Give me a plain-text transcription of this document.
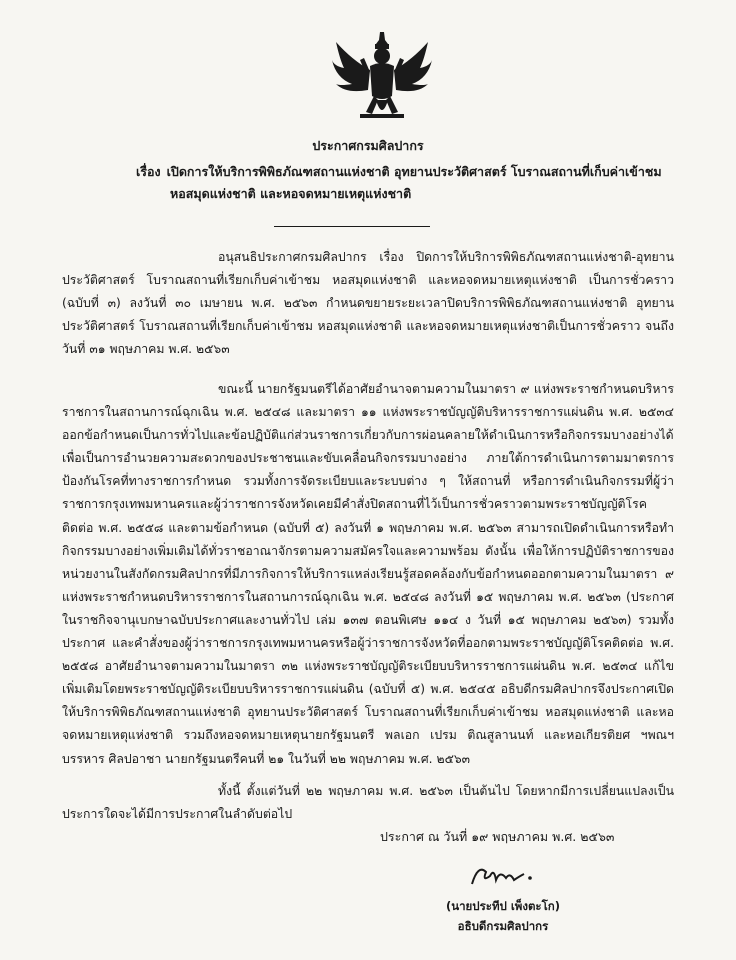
ประกาศกรมศิลปากร
เรื่อง เปิดการให้บริการพิพิธภัณฑสถานแห่งชาติ อุทยานประวัติศาสตร์ โบราณสถานที่เก็บค่าเข้าชม
หอสมุดแห่งชาติ และหอจดหมายเหตุแห่งชาติ
อนุสนธิประกาศกรมศิลปากร เรื่อง ปิดการให้บริการพิพิธภัณฑสถานแห่งชาติ-อุทยานประวัติศาสตร์ โบราณสถานที่เรียกเก็บค่าเข้าชม หอสมุดแห่งชาติ และหอจดหมายเหตุแห่งชาติ เป็นการชั่วคราว (ฉบับที่ ๓) ลงวันที่ ๓๐ เมษายน พ.ศ. ๒๕๖๓ กำหนดขยายระยะเวลาปิดบริการพิพิธภัณฑสถานแห่งชาติ อุทยานประวัติศาสตร์ โบราณสถานที่เรียกเก็บค่าเข้าชม หอสมุดแห่งชาติ และหอจดหมายเหตุแห่งชาติเป็นการชั่วคราว จนถึงวันที่ ๓๑ พฤษภาคม พ.ศ. ๒๕๖๓
ขณะนี้ นายกรัฐมนตรีได้อาศัยอำนาจตามความในมาตรา ๙ แห่งพระราชกำหนดบริหารราชการในสถานการณ์ฉุกเฉิน พ.ศ. ๒๕๔๘ และมาตรา ๑๑ แห่งพระราชบัญญัติบริหารราชการแผ่นดิน พ.ศ. ๒๕๓๔ ออกข้อกำหนดเป็นการทั่วไปและข้อปฏิบัติแก่ส่วนราชการเกี่ยวกับการผ่อนคลายให้ดำเนินการหรือกิจกรรมบางอย่างได้เพื่อเป็นการอำนวยความสะดวกของประชาชนและขับเคลื่อนกิจกรรมบางอย่าง ภายใต้การดำเนินการตามมาตรการป้องกันโรคที่ทางราชการกำหนด รวมทั้งการจัดระเบียบและระบบต่าง ๆ ให้สถานที่ หรือการดำเนินกิจกรรมที่ผู้ว่าราชการกรุงเทพมหานครและผู้ว่าราชการจังหวัดเคยมีคำสั่งปิดสถานที่ไว้เป็นการชั่วคราวตามพระราชบัญญัติโรคติดต่อ พ.ศ. ๒๕๕๘ และตามข้อกำหนด (ฉบับที่ ๕) ลงวันที่ ๑ พฤษภาคม พ.ศ. ๒๕๖๓ สามารถเปิดดำเนินการหรือทำกิจกรรมบางอย่างเพิ่มเติมได้ทั่วราชอาณาจักรตามความสมัครใจและความพร้อม ดังนั้น เพื่อให้การปฏิบัติราชการของหน่วยงานในสังกัดกรมศิลปากรที่มีภารกิจการให้บริการแหล่งเรียนรู้สอดคล้องกับข้อกำหนดออกตามความในมาตรา ๙ แห่งพระราชกำหนดบริหารราชการในสถานการณ์ฉุกเฉิน พ.ศ. ๒๕๔๘ ลงวันที่ ๑๕ พฤษภาคม พ.ศ. ๒๕๖๓ (ประกาศในราชกิจจานุเบกษาฉบับประกาศและงานทั่วไป เล่ม ๑๓๗ ตอนพิเศษ ๑๑๔ ง วันที่ ๑๕ พฤษภาคม ๒๕๖๓) รวมทั้งประกาศ และคำสั่งของผู้ว่าราชการกรุงเทพมหานครหรือผู้ว่าราชการจังหวัดที่ออกตามพระราชบัญญัติโรคติดต่อ พ.ศ. ๒๕๕๘ อาศัยอำนาจตามความในมาตรา ๓๒ แห่งพระราชบัญญัติระเบียบบริหารราชการแผ่นดิน พ.ศ. ๒๕๓๔ แก้ไขเพิ่มเติมโดยพระราชบัญญัติระเบียบบริหารราชการแผ่นดิน (ฉบับที่ ๕) พ.ศ. ๒๕๔๕ อธิบดีกรมศิลปากรจึงประกาศเปิดให้บริการพิพิธภัณฑสถานแห่งชาติ อุทยานประวัติศาสตร์ โบราณสถานที่เรียกเก็บค่าเข้าชม หอสมุดแห่งชาติ และหอจดหมายเหตุแห่งชาติ รวมถึงหอจดหมายเหตุนายกรัฐมนตรี พลเอก เปรม ติณสูลานนท์ และหอเกียรติยศ ฯพณฯ บรรหาร ศิลปอาชา นายกรัฐมนตรีคนที่ ๒๑ ในวันที่ ๒๒ พฤษภาคม พ.ศ. ๒๕๖๓
ทั้งนี้ ตั้งแต่วันที่ ๒๒ พฤษภาคม พ.ศ. ๒๕๖๓ เป็นต้นไป โดยหากมีการเปลี่ยนแปลงเป็นประการใดจะได้มีการประกาศในลำดับต่อไป
ประกาศ ณ วันที่ ๑๙ พฤษภาคม พ.ศ. ๒๕๖๓
(นายประทีป เพ็งตะโก)
อธิบดีกรมศิลปากร
